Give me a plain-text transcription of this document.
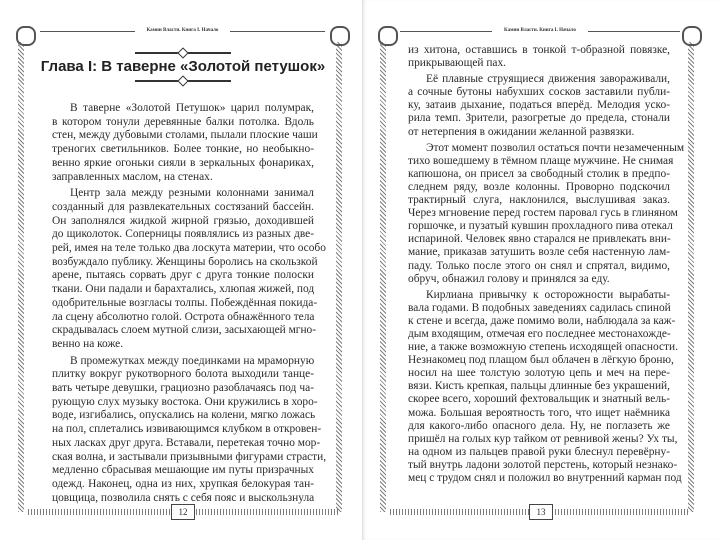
Камни Власти. Книга I. Начало
Глава I: В таверне «Золотой петушок»
В таверне «Золотой Петушок» царил полумрак,
в котором тонули деревянные балки потолка. Вдоль
стен, между дубовыми столами, пылали плоские чаши
треногих светильников. Более тонкие, но необыкно-
венно яркие огоньки сияли в зеркальных фонариках,
заправленных маслом, на стенах.
Центр зала между резными колоннами занимал
созданный для развлекательных состязаний бассейн.
Он заполнялся жидкой жирной грязью, доходившей
до щиколоток. Соперницы появлялись из разных две-
рей, имея на теле только два лоскута материи, что особо
возбуждало публику. Женщины боролись на скользкой
арене, пытаясь сорвать друг с друга тонкие полоски
ткани. Они падали и барахтались, хлюпая жижей, под
одобрительные возгласы толпы. Побеждённая покида-
ла сцену абсолютно голой. Острота обнажённого тела
скрадывалась слоем мутной слизи, засыхающей мгно-
венно на коже.
В промежутках между поединками на мраморную
плитку вокруг рукотворного болота выходили танце-
вать четыре девушки, грациозно разоблачаясь под ча-
рующую слух музыку востока. Они кружились в хоро-
воде, изгибались, опускались на колени, мягко ложась
на пол, сплетались извивающимся клубком в откровен-
ных ласках друг друга. Вставали, перетекая точно мор-
ская волна, и застывали призывными фигурами страсти,
медленно сбрасывая мешающие им путы призрачных
одежд. Наконец, одна из них, хрупкая белокурая тан-
цовщица, позволила снять с себя пояс и выскользнула
12
Камни Власти. Книга I. Начало
из хитона, оставшись в тонкой т-образной повязке,
прикрывающей пах.
Её плавные струящиеся движения завораживали,
а сочные бутоны набухших сосков заставили публи-
ку, затаив дыхание, податься вперёд. Мелодия уско-
рила темп. Зрители, разогретые до предела, стонали
от нетерпения в ожидании желанной развязки.
Этот момент позволил остаться почти незамеченным
тихо вошедшему в тёмном плаще мужчине. Не снимая
капюшона, он присел за свободный столик в предпо-
следнем ряду, возле колонны. Проворно подскочил
трактирный слуга, наклонился, выслушивая заказ.
Через мгновение перед гостем паровал гусь в глиняном
горшочке, и пузатый кувшин прохладного пива отекал
испариной. Человек явно старался не привлекать вни-
мание, приказав затушить возле себя настенную лам-
паду. Только после этого он снял и спрятал, видимо,
обруч, обнажил голову и принялся за еду.
Кирлиана привычку к осторожности вырабаты-
вала годами. В подобных заведениях садилась спиной
к стене и всегда, даже помимо воли, наблюдала за каж-
дым входящим, отмечая его последнее местонахожде-
ние, а также возможную степень исходящей опасности.
Незнакомец под плащом был облачен в лёгкую броню,
носил на шее толстую золотую цепь и меч на пере-
вязи. Кисть крепкая, пальцы длинные без украшений,
скорее всего, хороший фехтовальщик и знатный вель-
можа. Большая вероятность того, что ищет наёмника
для какого-либо опасного дела. Ну, не поглазеть же
пришёл на голых кур тайком от ревнивой жены? Ух ты,
на одном из пальцев правой руки блеснул перевёрну-
тый внутрь ладони золотой перстень, который незнако-
мец с трудом снял и положил во внутренний карман под
13
